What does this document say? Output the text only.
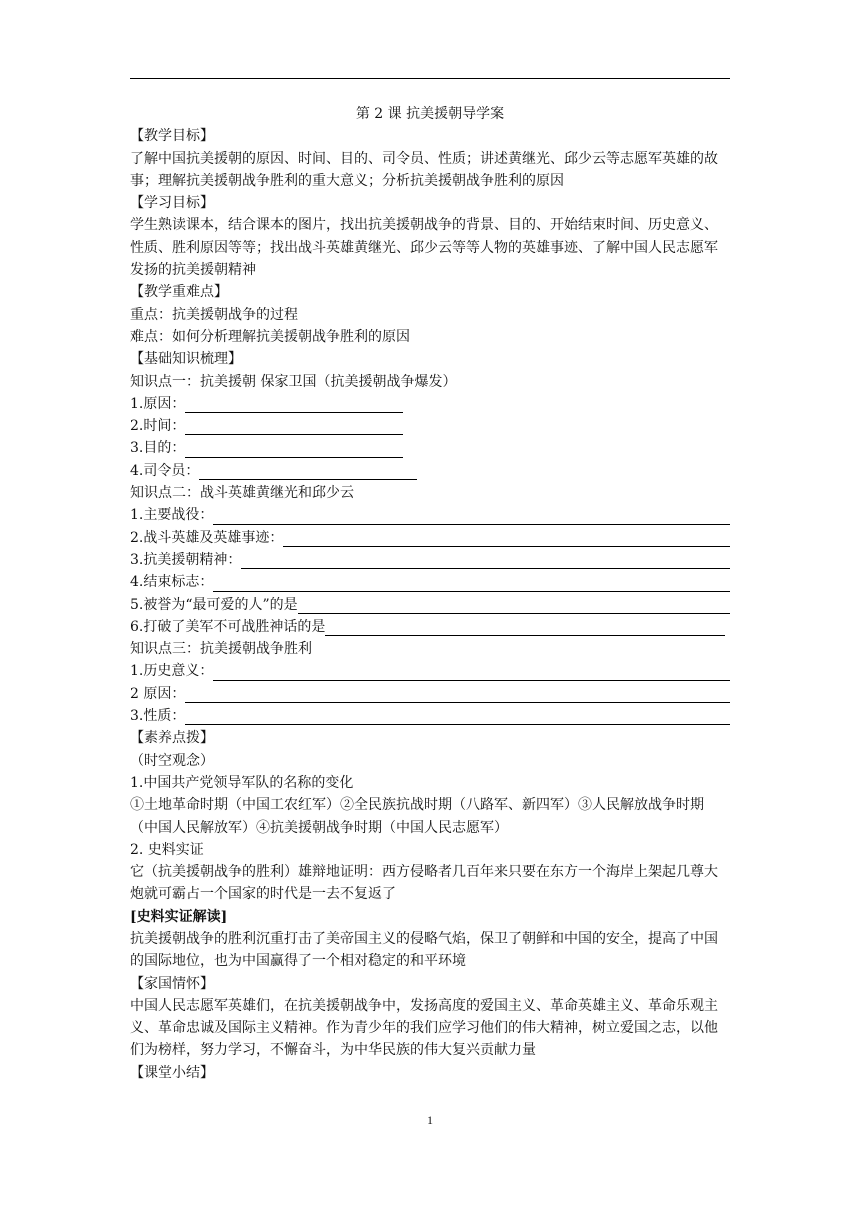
第 2 课 抗美援朝导学案
【教学目标】
了解中国抗美援朝的原因、时间、目的、司令员、性质；讲述黄继光、邱少云等志愿军英雄的故事；理解抗美援朝战争胜利的重大意义；分析抗美援朝战争胜利的原因
【学习目标】
学生熟读课本，结合课本的图片，找出抗美援朝战争的背景、目的、开始结束时间、历史意义、性质、胜利原因等等；找出战斗英雄黄继光、邱少云等等人物的英雄事迹、了解中国人民志愿军发扬的抗美援朝精神
【教学重难点】
重点：抗美援朝战争的过程
难点：如何分析理解抗美援朝战争胜利的原因
【基础知识梳理】
知识点一：抗美援朝 保家卫国（抗美援朝战争爆发）
1.原因：
2.时间：
3.目的：
4.司令员：
知识点二：战斗英雄黄继光和邱少云
1.主要战役：
2.战斗英雄及英雄事迹：
3.抗美援朝精神：
4.结束标志：
5.被誉为“最可爱的人”的是
6.打破了美军不可战胜神话的是
知识点三：抗美援朝战争胜利
1.历史意义：
2 原因：
3.性质：
【素养点拨】
（时空观念）
1.中国共产党领导军队的名称的变化
①土地革命时期（中国工农红军）②全民族抗战时期（八路军、新四军）③人民解放战争时期（中国人民解放军）④抗美援朝战争时期（中国人民志愿军）
2. 史料实证
它（抗美援朝战争的胜利）雄辩地证明：西方侵略者几百年来只要在东方一个海岸上架起几尊大炮就可霸占一个国家的时代是一去不复返了
[史料实证解读]
抗美援朝战争的胜利沉重打击了美帝国主义的侵略气焰，保卫了朝鲜和中国的安全，提高了中国的国际地位，也为中国赢得了一个相对稳定的和平环境
【家国情怀】
中国人民志愿军英雄们，在抗美援朝战争中，发扬高度的爱国主义、革命英雄主义、革命乐观主义、革命忠诚及国际主义精神。作为青少年的我们应学习他们的伟大精神，树立爱国之志，以他们为榜样，努力学习，不懈奋斗，为中华民族的伟大复兴贡献力量
【课堂小结】
1
